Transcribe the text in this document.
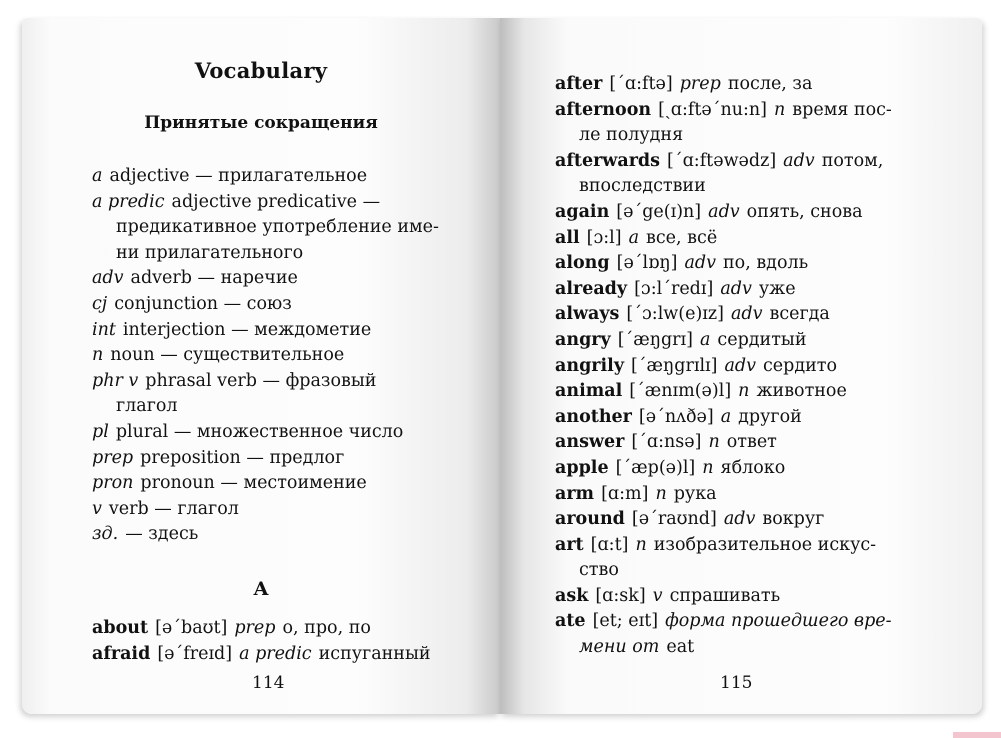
Vocabulary
Принятые сокращения
a adjective — прилагательное
a predic adjective predicative —
предикативное употребление име-
ни прилагательного
adv adverb — наречие
cj conjunction — союз
int interjection — междометие
n noun — существительное
phr v phrasal verb — фразовый
глагол
pl plural — множественное число
prep preposition — предлог
pron pronoun — местоимение
v verb — глагол
зд. — здесь
A
about [ə΄baʊt] prep о, про, по
afraid [ə΄freɪd] a predic испуганный
114
after [΄ɑ:ftə] prep после, за
afternoon [ˏɑ:ftə΄nu:n] n время пос-
ле полудня
afterwards [΄ɑ:ftəwədz] adv потом,
впоследствии
again [ə΄ge(ɪ)n] adv опять, снова
all [ɔ:l] a все, всё
along [ə΄lɒŋ] adv по, вдоль
already [ɔ:l΄redɪ] adv уже
always [΄ɔ:lw(e)ɪz] adv всегда
angry [΄æŋgrɪ] a сердитый
angrily [΄æŋgrɪlɪ] adv сердито
animal [΄ænɪm(ə)l] n животное
another [ə΄nʌðə] a другой
answer [΄ɑ:nsə] n ответ
apple [΄æp(ə)l] n яблоко
arm [ɑ:m] n рука
around [ə΄raʊnd] adv вокруг
art [ɑ:t] n изобразительное искус-
ство
ask [ɑ:sk] v спрашивать
ate [et; eɪt] форма прошедшего вре-
мени от eat
115
